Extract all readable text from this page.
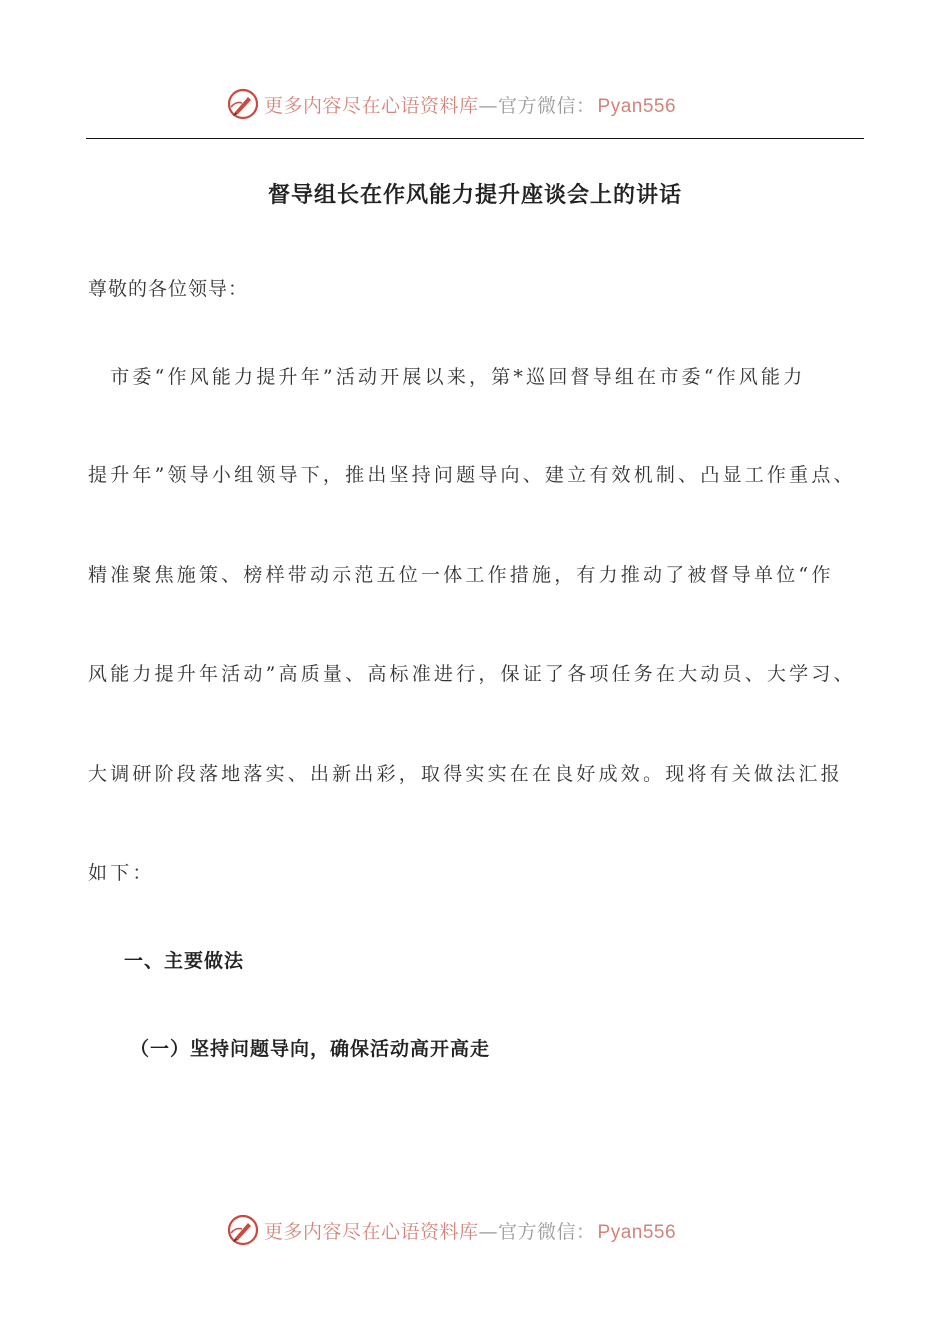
更多内容尽在心语资料库—官方微信： Pyan556
督导组长在作风能力提升座谈会上的讲话
尊敬的各位领导：
　市委“作风能力提升年”活动开展以来，第*巡回督导组在市委“作风能力
提升年”领导小组领导下，推出坚持问题导向、建立有效机制、凸显工作重点、
精准聚焦施策、榜样带动示范五位一体工作措施，有力推动了被督导单位“作
风能力提升年活动”高质量、高标准进行，保证了各项任务在大动员、大学习、
大调研阶段落地落实、出新出彩，取得实实在在良好成效。现将有关做法汇报
如下：
一、主要做法
（一）坚持问题导向，确保活动高开高走
更多内容尽在心语资料库—官方微信： Pyan556
